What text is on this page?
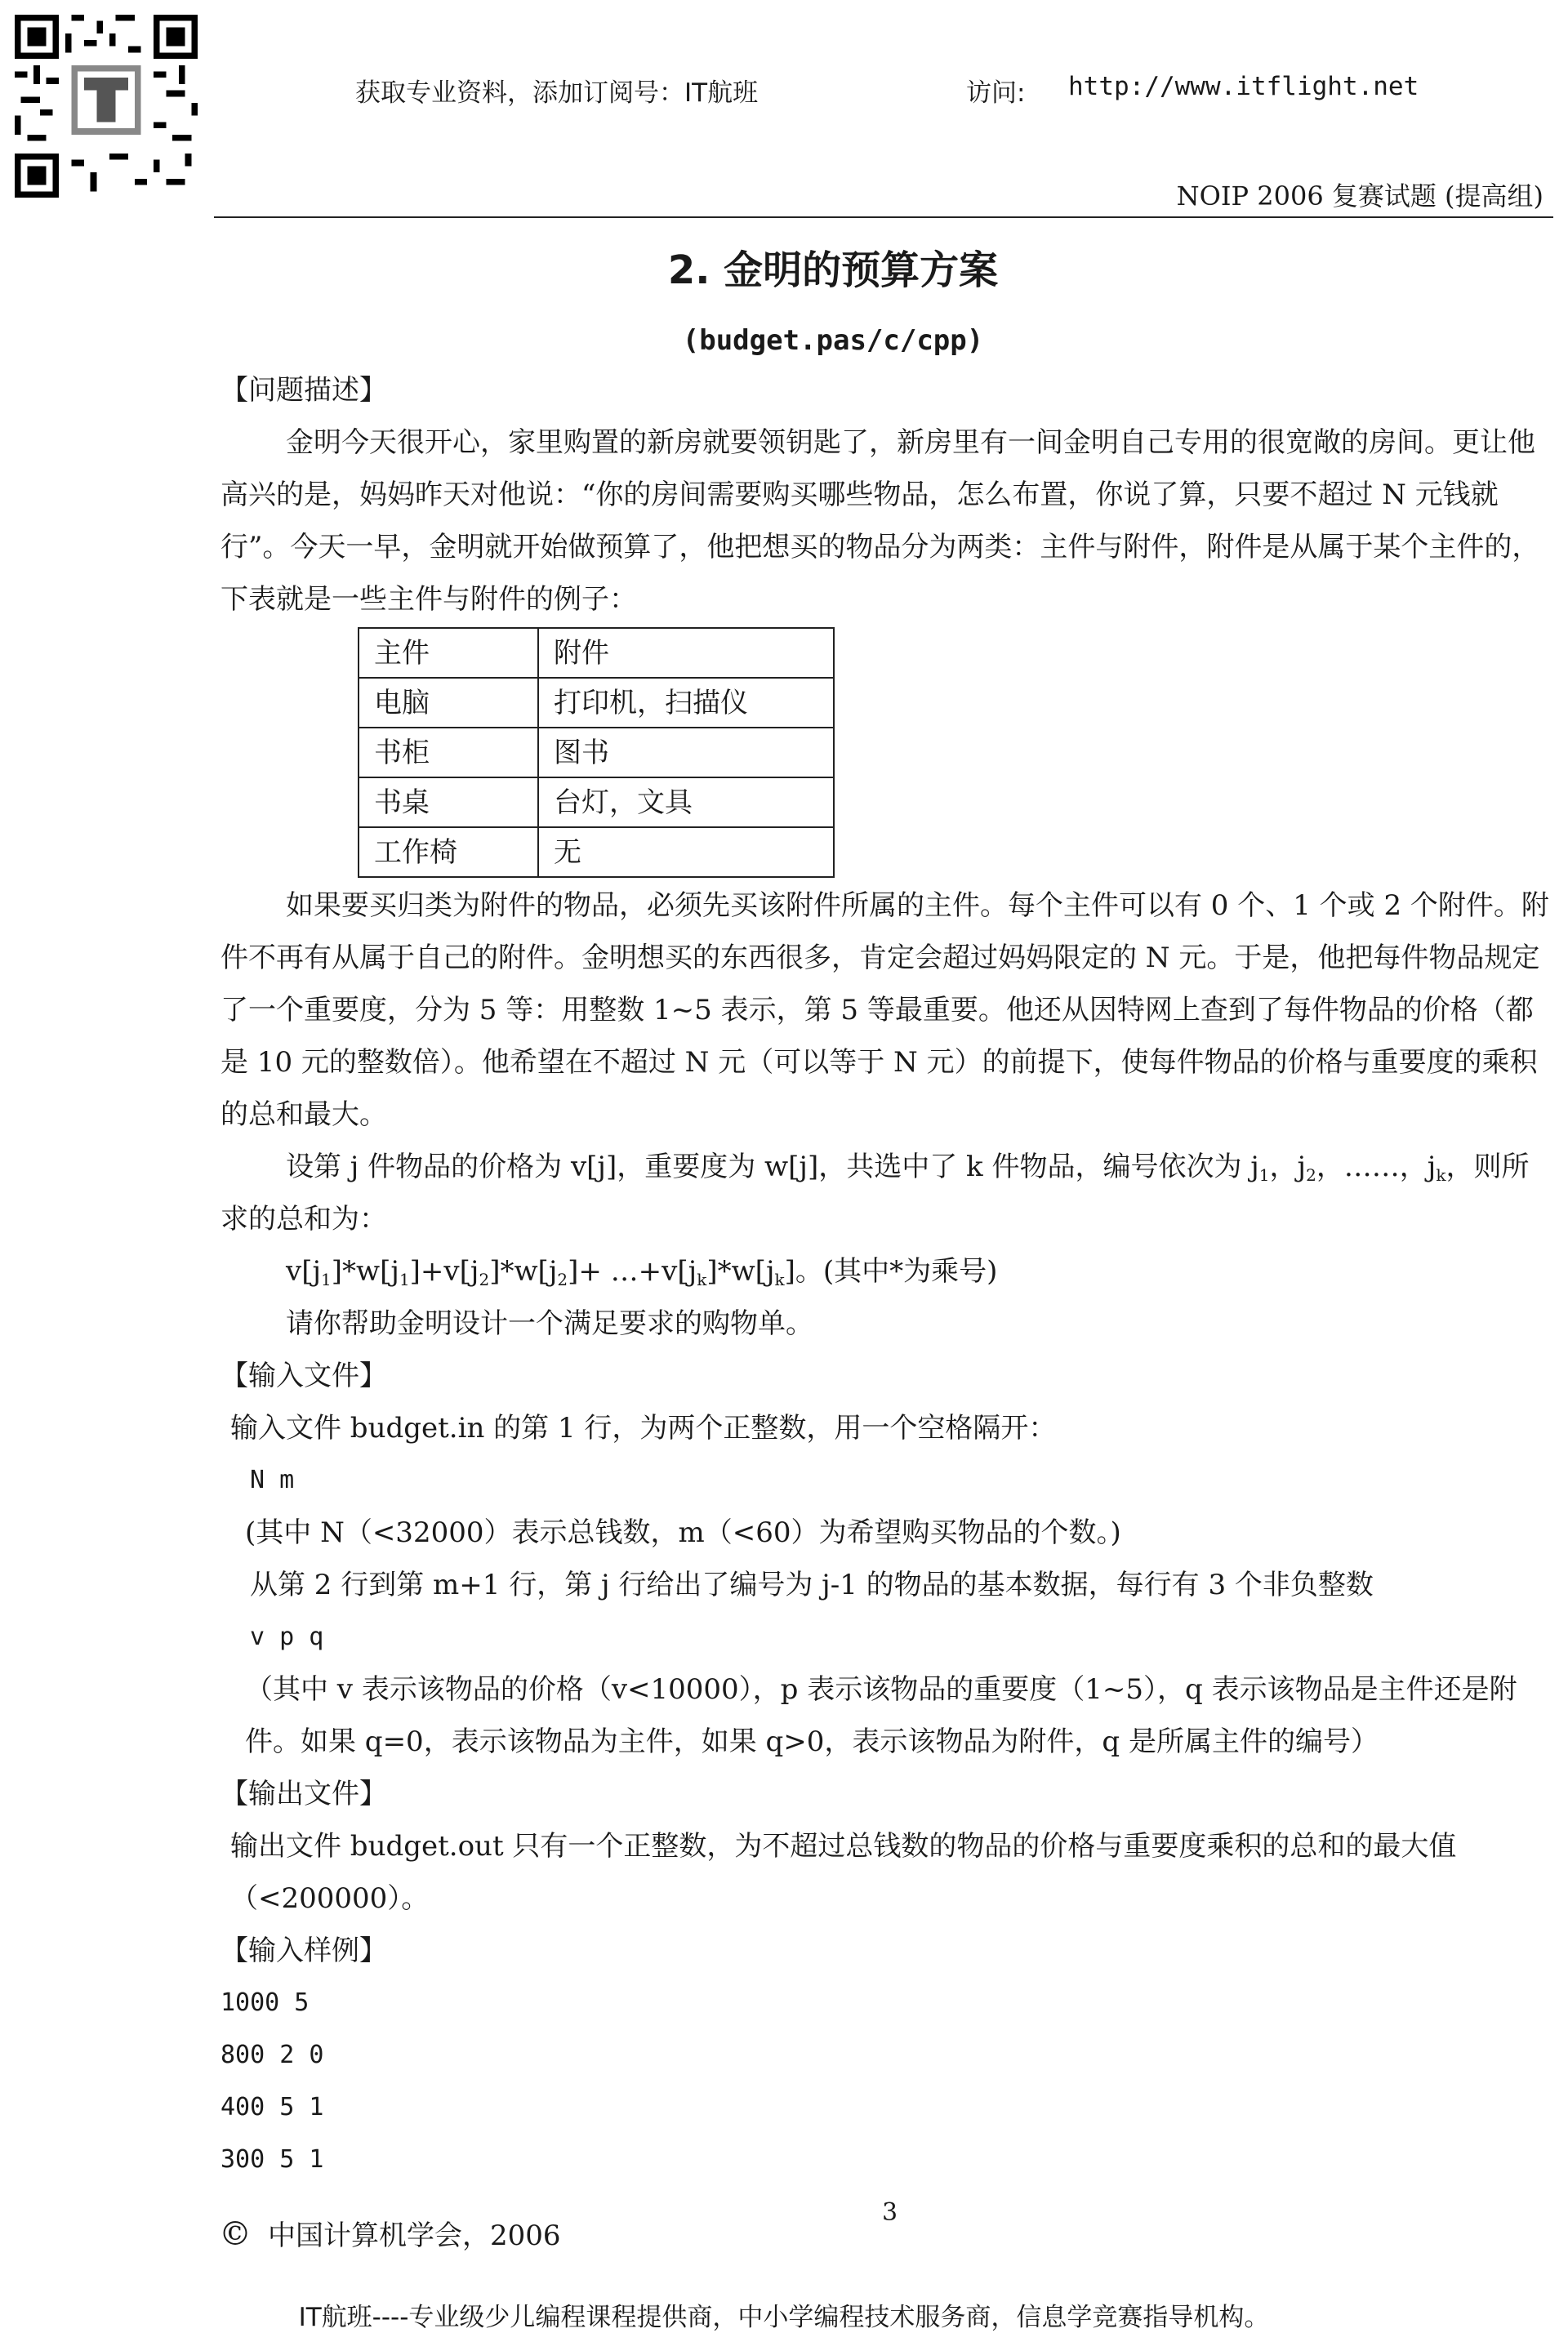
获取专业资料，添加订阅号：IT航班	访问: http://www.itflight.net
NOIP 2006 复赛试题 (提高组)
2. 金明的预算方案
(budget.pas/c/cpp)

【问题描述】

金明今天很开心，家里购置的新房就要领钥匙了，新房里有一间金明自己专用的很宽敞的房间。更让他高兴的是，妈妈昨天对他说：“你的房间需要购买哪些物品，怎么布置，你说了算，只要不超过 N 元钱就行”。今天一早，金明就开始做预算了，他把想买的物品分为两类：主件与附件，附件是从属于某个主件的，下表就是一些主件与附件的例子：

主件	附件
电脑	打印机，扫描仪
书柜	图书
书桌	台灯，文具
工作椅	无

如果要买归类为附件的物品，必须先买该附件所属的主件。每个主件可以有 0 个、1 个或 2 个附件。附件不再有从属于自己的附件。金明想买的东西很多，肯定会超过妈妈限定的 N 元。于是，他把每件物品规定了一个重要度，分为 5 等：用整数 1~5 表示，第 5 等最重要。他还从因特网上查到了每件物品的价格（都是 10 元的整数倍）。他希望在不超过 N 元（可以等于 N 元）的前提下，使每件物品的价格与重要度的乘积的总和最大。

设第 j 件物品的价格为 v[j]，重要度为 w[j]，共选中了 k 件物品，编号依次为 $j_1$，$j_2$，……，$j_k$，则所求的总和为：

$v[j_1]*w[j_1]+v[j_2]*w[j_2]+$ $\dots+v[j_k]*w[j_k]$。(其中*为乘号)

请你帮助金明设计一个满足要求的购物单。

【输入文件】

输入文件 budget.in 的第 1 行，为两个正整数，用一个空格隔开：

N m

(其中 N（<32000）表示总钱数，m（<60）为希望购买物品的个数。)

从第 2 行到第 m+1 行，第 j 行给出了编号为 j-1 的物品的基本数据，每行有 3 个非负整数

v p q

（其中 v 表示该物品的价格（v<10000），p 表示该物品的重要度（1~5），q 表示该物品是主件还是附件。如果 q=0，表示该物品为主件，如果 q>0，表示该物品为附件，q 是所属主件的编号）

【输出文件】

输出文件 budget.out 只有一个正整数，为不超过总钱数的物品的价格与重要度乘积的总和的最大值（<200000）。

【输入样例】

1000 5

800 2 0

400 5 1

300 5 1

3
© 中国计算机学会，2006
IT航班----专业级少儿编程课程提供商，中小学编程技术服务商，信息学竞赛指导机构。
